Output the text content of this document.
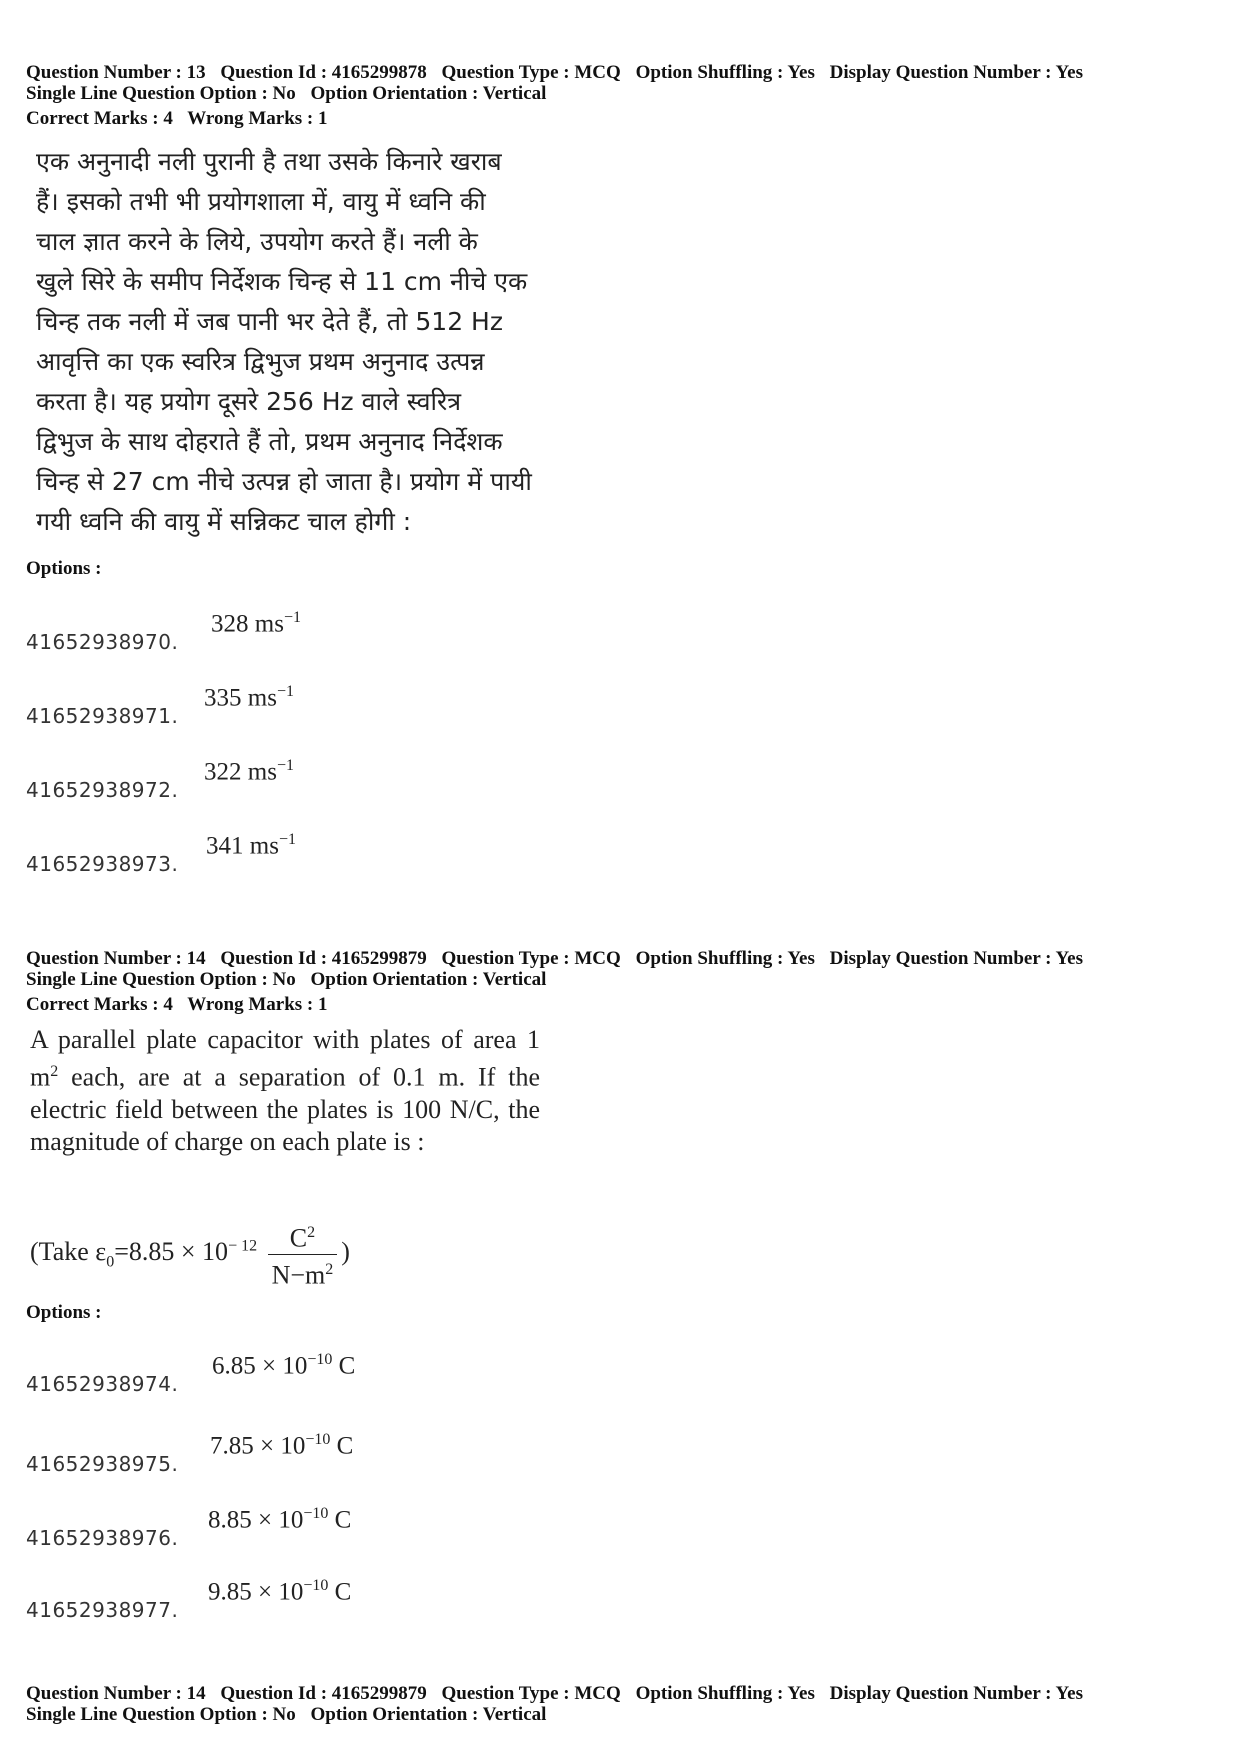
Question Number : 13 Question Id : 4165299878 Question Type : MCQ Option Shuffling : Yes Display Question Number : Yes

Single Line Question Option : No Option Orientation : Vertical

Correct Marks : 4 Wrong Marks : 1

एक अनुनादी नली पुरानी है तथा उसके किनारे खराब
हैं। इसको तभी भी प्रयोगशाला में, वायु में ध्वनि की
चाल ज्ञात करने के लिये, उपयोग करते हैं। नली के
खुले सिरे के समीप निर्देशक चिन्ह से 11 cm नीचे एक
चिन्ह तक नली में जब पानी भर देते हैं, तो 512 Hz
आवृत्ति का एक स्वरित्र द्विभुज प्रथम अनुनाद उत्पन्न
करता है। यह प्रयोग दूसरे 256 Hz वाले स्वरित्र
द्विभुज के साथ दोहराते हैं तो, प्रथम अनुनाद निर्देशक
चिन्ह से 27 cm नीचे उत्पन्न हो जाता है। प्रयोग में पायी
गयी ध्वनि की वायु में सन्निकट चाल होगी :
Options :
41652938970.
328 $ms^{-1}$
41652938971.
335 $ms^{-1}$
41652938972.
322 $ms^{-1}$
41652938973.
341 $ms^{-1}$

Question Number : 14 Question Id : 4165299879 Question Type : MCQ Option Shuffling : Yes Display Question Number : Yes

Single Line Question Option : No Option Orientation : Vertical

Correct Marks : 4 Wrong Marks : 1

A parallel plate capacitor with plates of area 1 $m^2$ each, are at a separation of 0.1 m. If the electric field between the plates is 100 N/C, the magnitude of charge on each plate is :
(Take $\varepsilon_0=8.85 \times 10^{- 12} \frac{C^2}{N-m^2}$ )
Options :
41652938974.
$6.85 \times 10^{-10}$ C
41652938975.
$7.85 \times 10^{-10}$ C
41652938976.
$8.85 \times 10^{-10}$ C
41652938977.
$9.85 \times 10^{-10}$ C

Question Number : 14 Question Id : 4165299879 Question Type : MCQ Option Shuffling : Yes Display Question Number : Yes

Single Line Question Option : No Option Orientation : Vertical
